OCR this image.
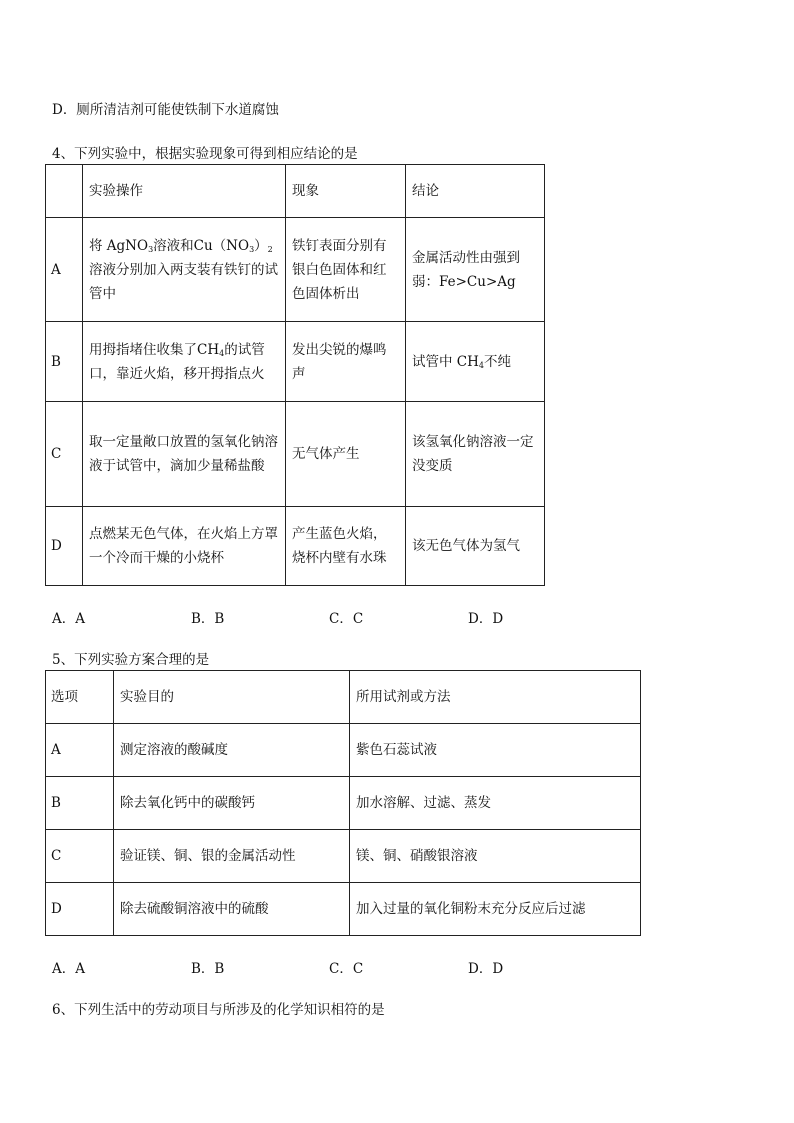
D．厕所清洁剂可能使铁制下水道腐蚀
4、下列实验中，根据实验现象可得到相应结论的是
	实验操作	现象	结论
A	将 AgNO$_3$溶液和$Cu(NO_3)_2$溶液分别加入两支装有铁钉的试管中	铁钉表面分别有银白色固体和红色固体析出	金属活动性由强到弱：Fe>Cu>Ag
B	用拇指堵住收集了$CH_4$的试管口，靠近火焰，移开拇指点火	发出尖锐的爆鸣声	试管中 $CH_4$不纯
C	取一定量敞口放置的氢氧化钠溶液于试管中，滴加少量稀盐酸	无气体产生	该氢氧化钠溶液一定没变质
D	点燃某无色气体，在火焰上方罩一个冷而干燥的小烧杯	产生蓝色火焰，烧杯内壁有水珠	该无色气体为氢气
A．A	B．B	C．C	D．D
5、下列实验方案合理的是
选项	实验目的	所用试剂或方法
A	测定溶液的酸碱度	紫色石蕊试液
B	除去氧化钙中的碳酸钙	加水溶解、过滤、蒸发
C	验证镁、铜、银的金属活动性	镁、铜、硝酸银溶液
D	除去硫酸铜溶液中的硫酸	加入过量的氧化铜粉末充分反应后过滤
A．A	B．B	C．C	D．D
6、下列生活中的劳动项目与所涉及的化学知识相符的是
